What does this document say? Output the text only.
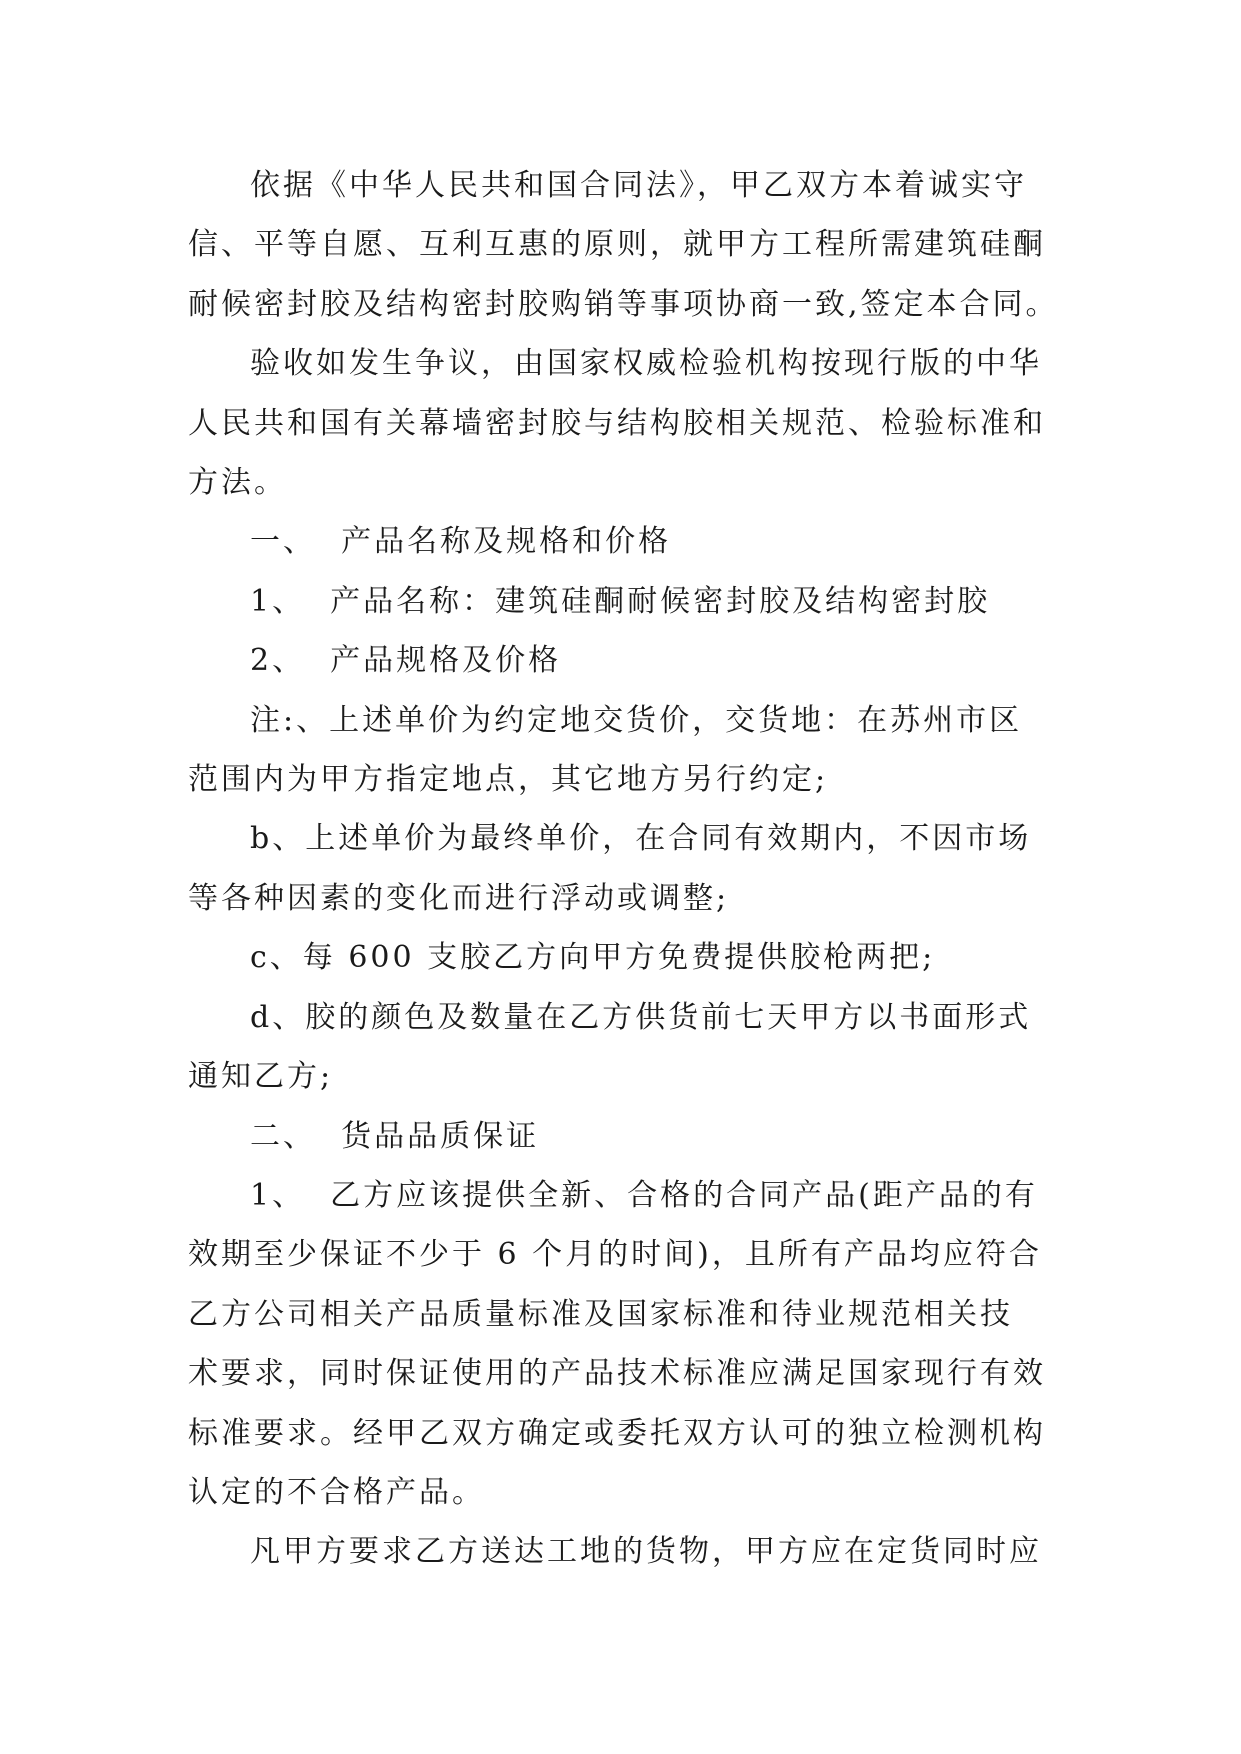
依据《中华人民共和国合同法》，甲乙双方本着诚实守
信、平等自愿、互利互惠的原则，就甲方工程所需建筑硅酮
耐候密封胶及结构密封胶购销等事项协商一致,签定本合同。

验收如发生争议，由国家权威检验机构按现行版的中华
人民共和国有关幕墙密封胶与结构胶相关规范、检验标准和
方法。

一、  产品名称及规格和价格

1、  产品名称：建筑硅酮耐候密封胶及结构密封胶

2、  产品规格及价格

注:、上述单价为约定地交货价，交货地：在苏州市区
范围内为甲方指定地点，其它地方另行约定;

b、上述单价为最终单价，在合同有效期内，不因市场
等各种因素的变化而进行浮动或调整;

c、每 600 支胶乙方向甲方免费提供胶枪两把;

d、胶的颜色及数量在乙方供货前七天甲方以书面形式
通知乙方;

二、  货品品质保证

1、  乙方应该提供全新、合格的合同产品(距产品的有
效期至少保证不少于 6 个月的时间)，且所有产品均应符合
乙方公司相关产品质量标准及国家标准和待业规范相关技
术要求，同时保证使用的产品技术标准应满足国家现行有效
标准要求。经甲乙双方确定或委托双方认可的独立检测机构
认定的不合格产品。

凡甲方要求乙方送达工地的货物，甲方应在定货同时应
